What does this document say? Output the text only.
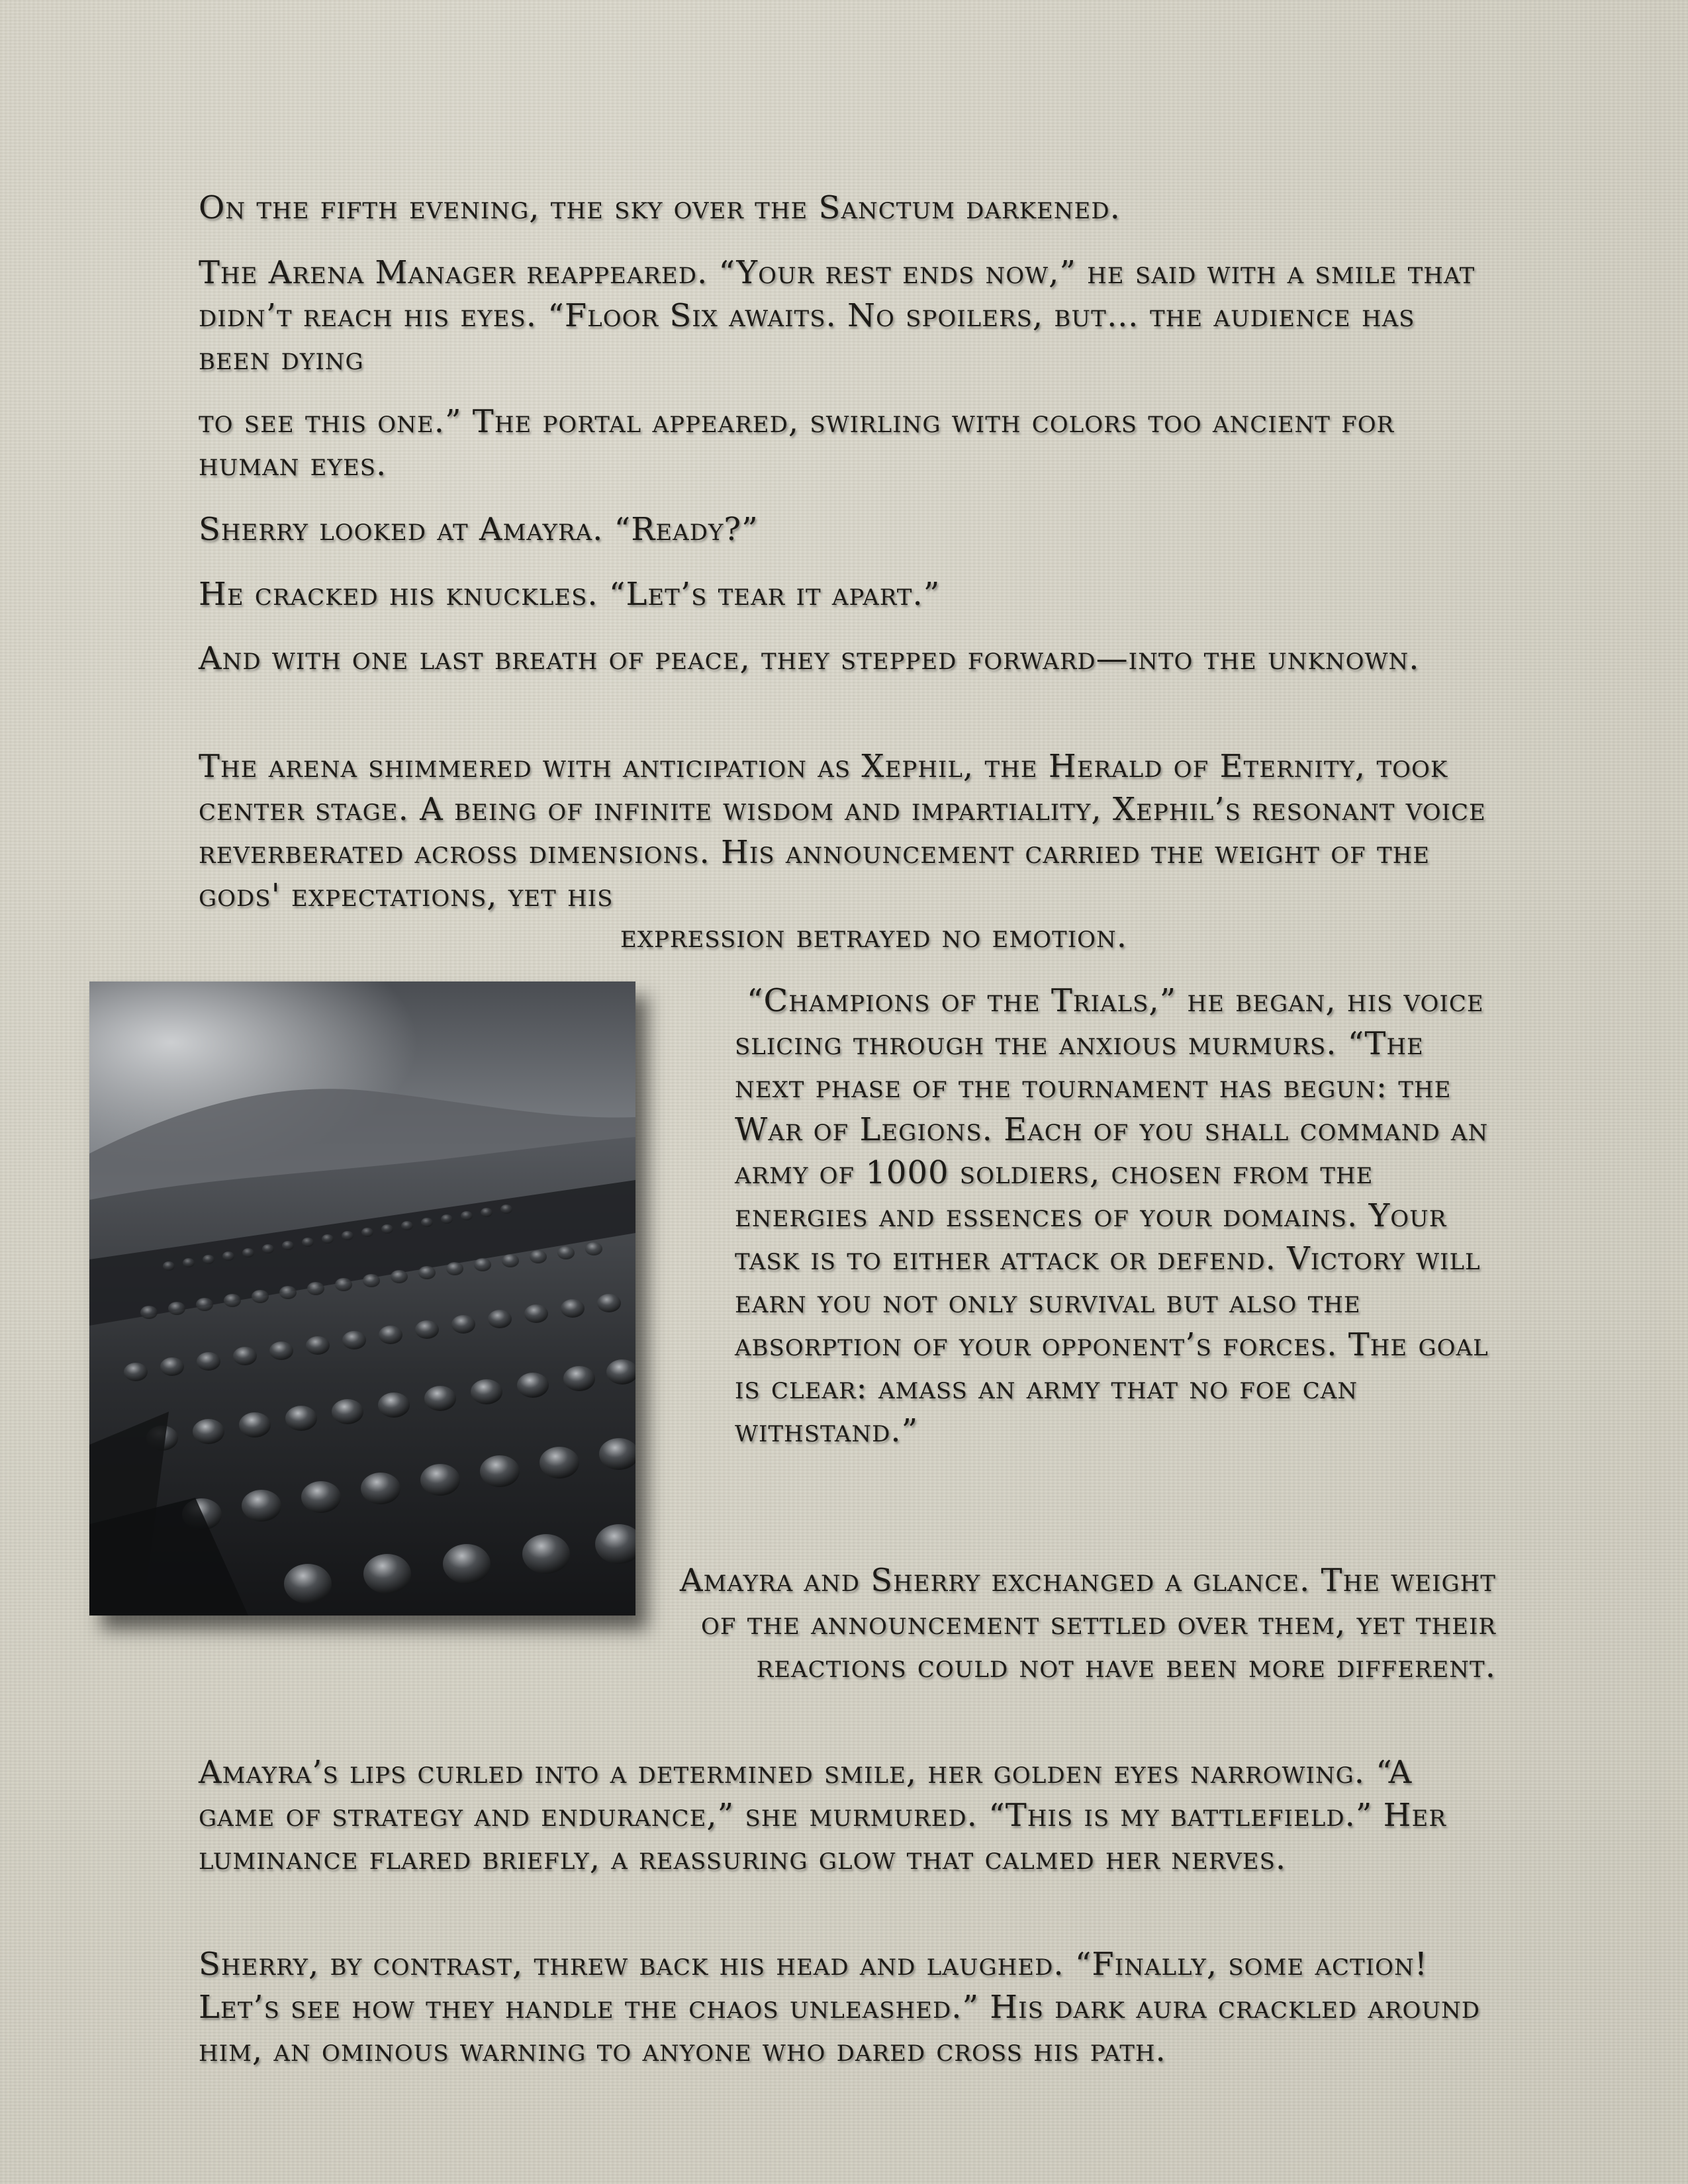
On the fifth evening, the sky over the Sanctum darkened.

The Arena Manager reappeared. “Your rest ends now,” he said with a smile that didn’t reach his eyes. “Floor Six awaits. No spoilers, but… the audience has been dying

to see this one.” The portal appeared, swirling with colors too ancient for human eyes.

Sherry looked at Amayra. “Ready?”

He cracked his knuckles. “Let’s tear it apart.”

And with one last breath of peace, they stepped forward—into the unknown.

The arena shimmered with anticipation as Xephil, the Herald of Eternity, took center stage. A being of infinite wisdom and impartiality, Xephil’s resonant voice reverberated across dimensions. His announcement carried the weight of the gods' expectations, yet his

expression betrayed no emotion.

“Champions of the Trials,” he began, his voice slicing through the anxious murmurs. “The next phase of the tournament has begun: the War of Legions. Each of you shall command an army of 1000 soldiers, chosen from the energies and essences of your domains. Your task is to either attack or defend. Victory will earn you not only survival but also the absorption of your opponent’s forces. The goal is clear: amass an army that no foe can withstand.”

Amayra and Sherry exchanged a glance. The weight of the announcement settled over them, yet their reactions could not have been more different.

Amayra’s lips curled into a determined smile, her golden eyes narrowing. “A game of strategy and endurance,” she murmured. “This is my battlefield.” Her luminance flared briefly, a reassuring glow that calmed her nerves.

Sherry, by contrast, threw back his head and laughed. “Finally, some action! Let’s see how they handle the chaos unleashed.” His dark aura crackled around him, an ominous warning to anyone who dared cross his path.
